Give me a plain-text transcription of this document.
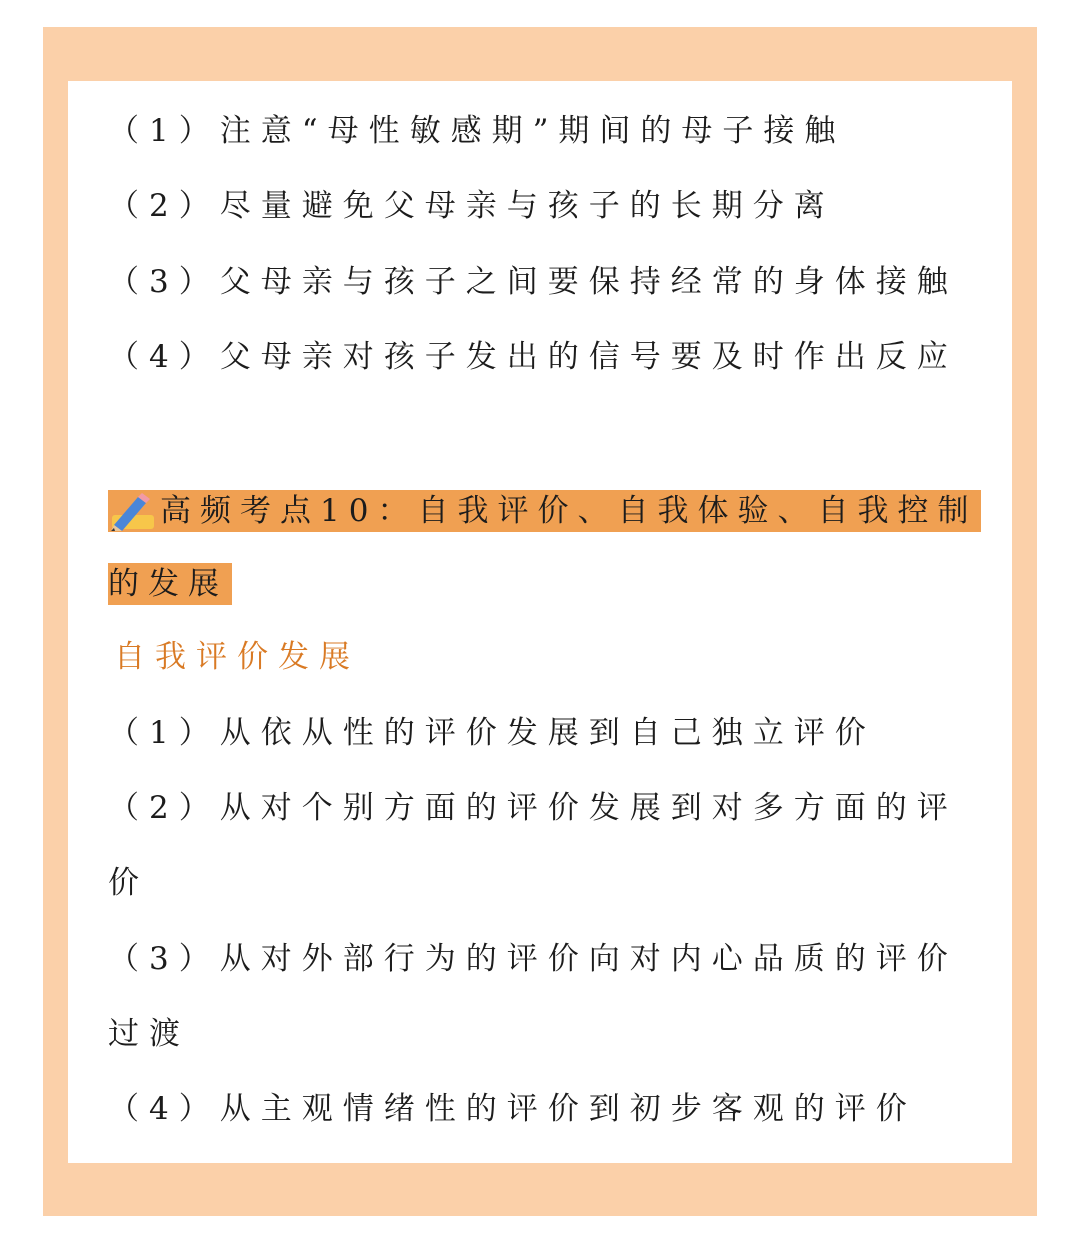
（1）注意“母性敏感期”期间的母子接触
（2）尽量避免父母亲与孩子的长期分离
（3）父母亲与孩子之间要保持经常的身体接触
（4）父母亲对孩子发出的信号要及时作出反应
高频考点10：自我评价、自我体验、自我控制
的发展
自我评价发展
（1）从依从性的评价发展到自己独立评价
（2）从对个别方面的评价发展到对多方面的评
价
（3）从对外部行为的评价向对内心品质的评价
过渡
（4）从主观情绪性的评价到初步客观的评价
